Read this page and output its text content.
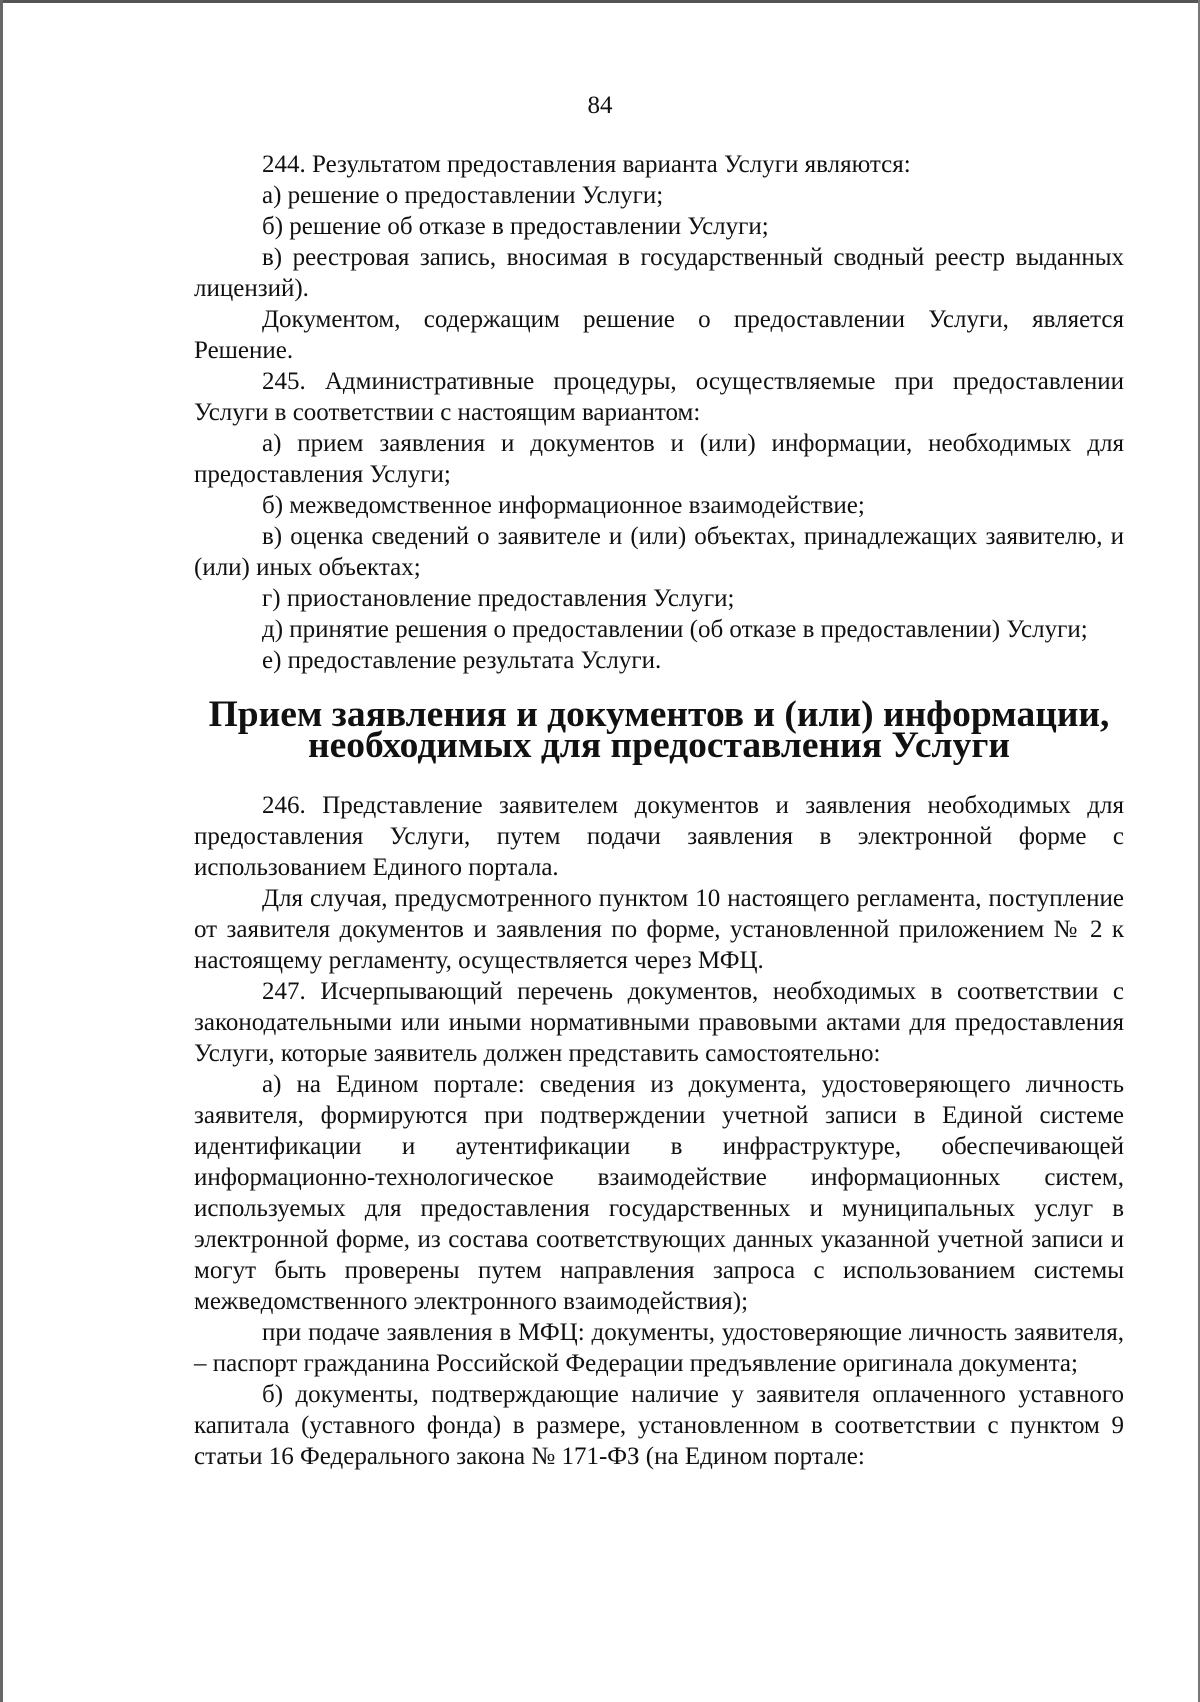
84

244. Результатом предоставления варианта Услуги являются:

а) решение о предоставлении Услуги;

б) решение об отказе в предоставлении Услуги;

в) реестровая запись, вносимая в государственный сводный реестр выданных лицензий).

Документом, содержащим решение о предоставлении Услуги, является Решение.

245. Административные процедуры, осуществляемые при предоставлении Услуги в соответствии с настоящим вариантом:

а) прием заявления и документов и (или) информации, необходимых для предоставления Услуги;

б) межведомственное информационное взаимодействие;

в) оценка сведений о заявителе и (или) объектах, принадлежащих заявителю, и (или) иных объектах;

г) приостановление предоставления Услуги;

д) принятие решения о предоставлении (об отказе в предоставлении) Услуги;

е) предоставление результата Услуги.

Прием заявления и документов и (или) информации, необходимых для предоставления Услуги

246. Представление заявителем документов и заявления необходимых для предоставления Услуги, путем подачи заявления в электронной форме с использованием Единого портала.

Для случая, предусмотренного пунктом 10 настоящего регламента, поступление от заявителя документов и заявления по форме, установленной приложением № 2 к настоящему регламенту, осуществляется через МФЦ.

247. Исчерпывающий перечень документов, необходимых в соответствии с законодательными или иными нормативными правовыми актами для предоставления Услуги, которые заявитель должен представить самостоятельно:

а) на Едином портале: сведения из документа, удостоверяющего личность заявителя, формируются при подтверждении учетной записи в Единой системе идентификации и аутентификации в инфраструктуре, обеспечивающей информационно-технологическое взаимодействие информационных систем, используемых для предоставления государственных и муниципальных услуг в электронной форме, из состава соответствующих данных указанной учетной записи и могут быть проверены путем направления запроса с использованием системы межведомственного электронного взаимодействия);

при подаче заявления в МФЦ: документы, удостоверяющие личность заявителя, – паспорт гражданина Российской Федерации предъявление оригинала документа;

б) документы, подтверждающие наличие у заявителя оплаченного уставного капитала (уставного фонда) в размере, установленном в соответствии с пунктом 9 статьи 16 Федерального закона № 171-ФЗ (на Едином портале:
